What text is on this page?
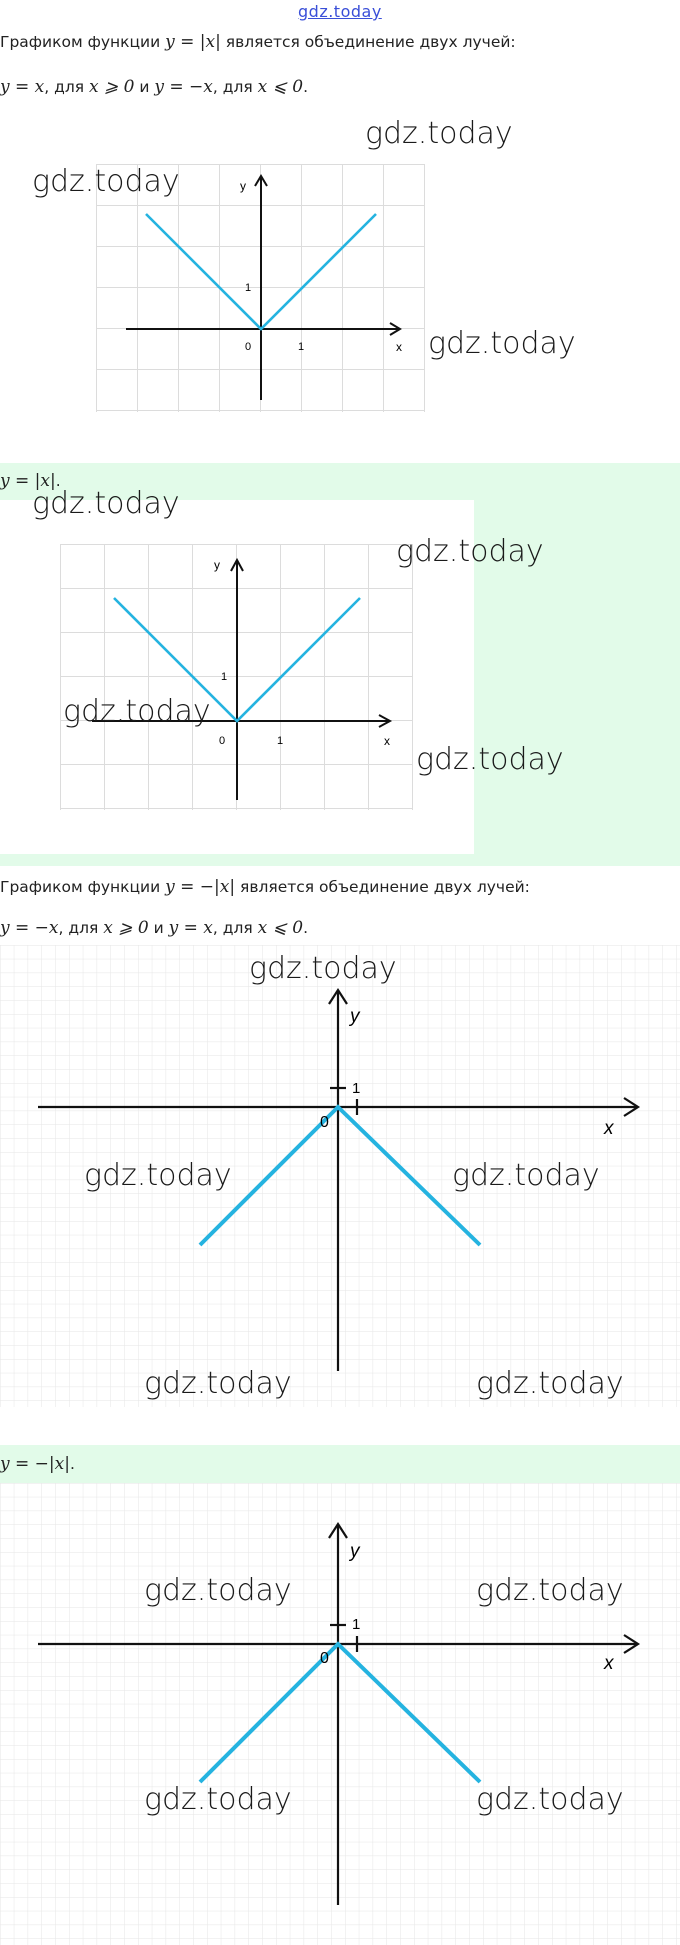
gdz.today
Графиком функции y = |x| является объединение двух лучей:
y = x, для x ⩾ 0 и y = −x, для x ⩽ 0.
y
x
0	1
1
gdz.today
gdz.today
gdz.today
y = |x|.
y
x
0	1
1
gdz.today
gdz.today
gdz.today
gdz.today
Графиком функции y = −|x| является объединение двух лучей:
y = −x, для x ⩾ 0 и y = x, для x ⩽ 0.
y
x
0
1
gdz.today
gdz.today	gdz.today
gdz.today	gdz.today
y = −|x|.
y
x
0
1
gdz.today	gdz.today
gdz.today	gdz.today
